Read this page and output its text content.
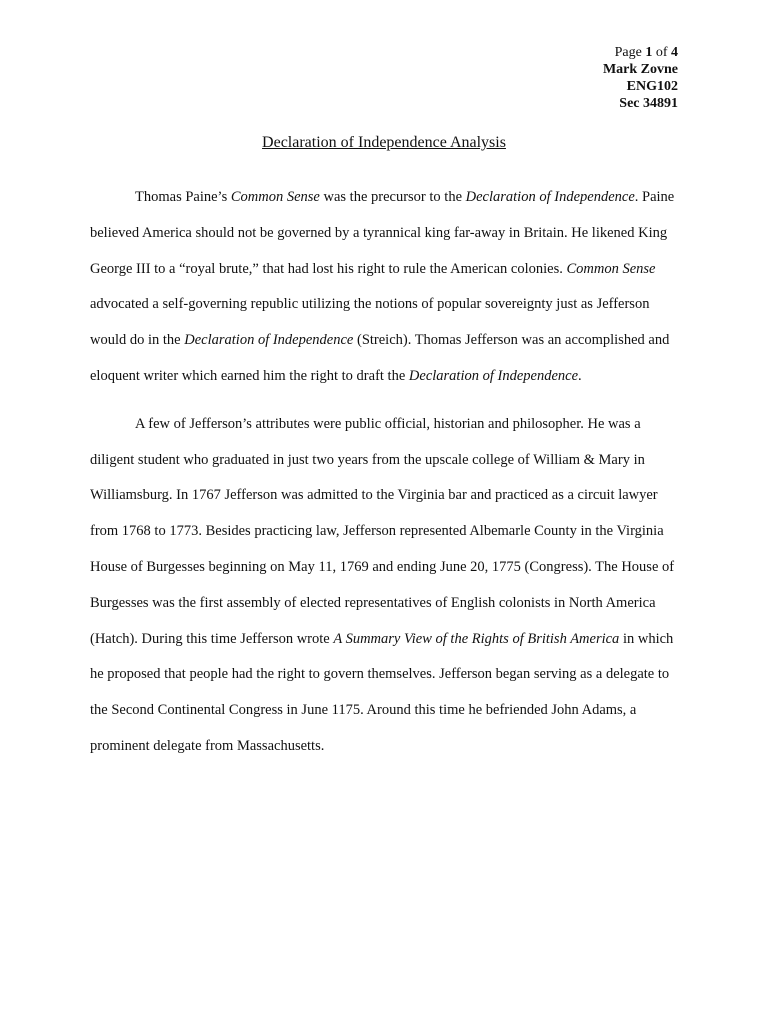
Page 1 of 4
Mark Zovne
ENG102
Sec 34891
Declaration of Independence Analysis

Thomas Paine’s Common Sense was the precursor to the Declaration of Independence. Paine believed America should not be governed by a tyrannical king far-away in Britain. He likened King George III to a “royal brute,” that had lost his right to rule the American colonies. Common Sense advocated a self-governing republic utilizing the notions of popular sovereignty just as Jefferson would do in the Declaration of Independence (Streich). Thomas Jefferson was an accomplished and eloquent writer which earned him the right to draft the Declaration of Independence.

A few of Jefferson’s attributes were public official, historian and philosopher. He was a diligent student who graduated in just two years from the upscale college of William & Mary in Williamsburg. In 1767 Jefferson was admitted to the Virginia bar and practiced as a circuit lawyer from 1768 to 1773. Besides practicing law, Jefferson represented Albemarle County in the Virginia House of Burgesses beginning on May 11, 1769 and ending June 20, 1775 (Congress). The House of Burgesses was the first assembly of elected representatives of English colonists in North America (Hatch). During this time Jefferson wrote A Summary View of the Rights of British America in which he proposed that people had the right to govern themselves. Jefferson began serving as a delegate to the Second Continental Congress in June 1175. Around this time he befriended John Adams, a prominent delegate from Massachusetts.
